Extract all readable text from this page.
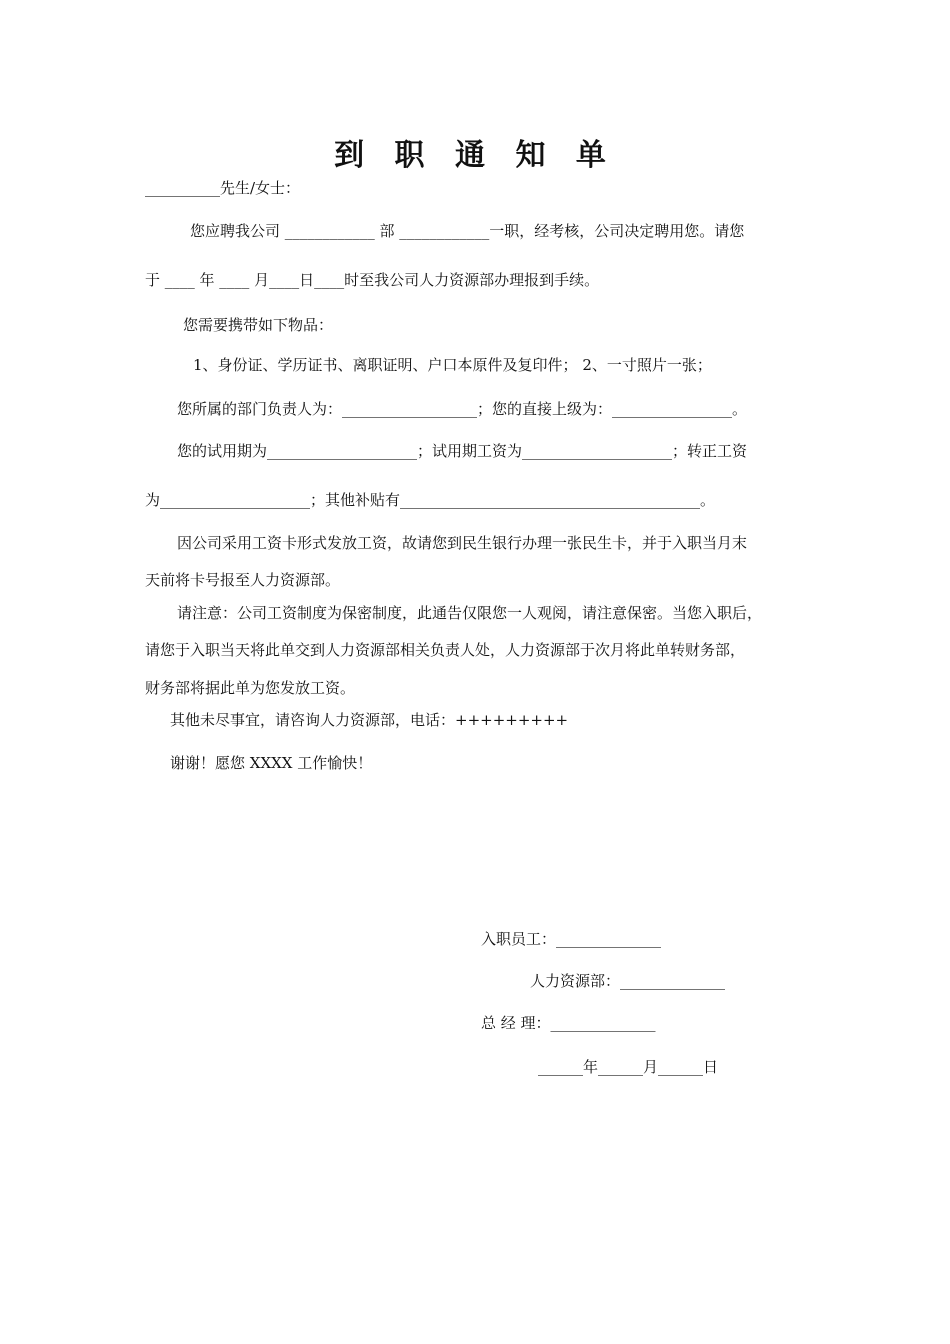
到 职 通 知 单
__________先生/女士：
您应聘我公司 ____________ 部 ____________一职，经考核，公司决定聘用您。请您
于 ____ 年 ____ 月____日____时至我公司人力资源部办理报到手续。
您需要携带如下物品：
1、身份证、学历证书、离职证明、户口本原件及复印件； 2、一寸照片一张；
您所属的部门负责人为：__________________；您的直接上级为：________________。
您的试用期为____________________；试用期工资为____________________；转正工资
为____________________；其他补贴有________________________________________。
因公司采用工资卡形式发放工资，故请您到民生银行办理一张民生卡，并于入职当月末
天前将卡号报至人力资源部。
请注意：公司工资制度为保密制度，此通告仅限您一人观阅，请注意保密。当您入职后，
请您于入职当天将此单交到人力资源部相关负责人处，人力资源部于次月将此单转财务部，
财务部将据此单为您发放工资。
其他未尽事宜，请咨询人力资源部，电话：+++++++++
谢谢！愿您 XXXX 工作愉快！
入职员工：______________
人力资源部：______________
总 经 理：______________
______年______月______日
